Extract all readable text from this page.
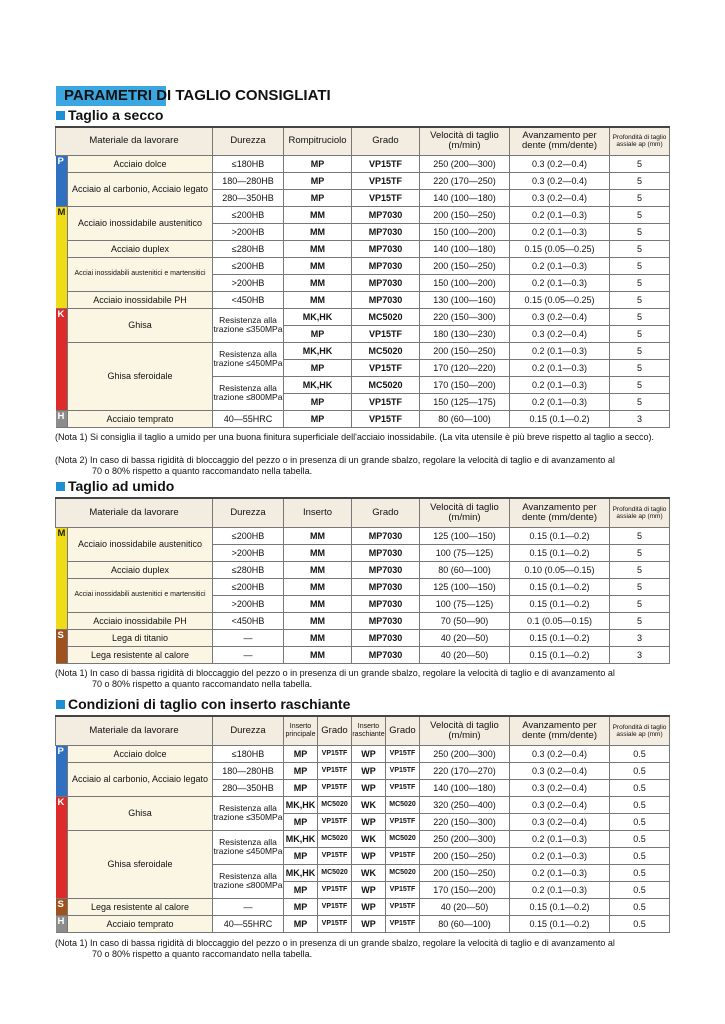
PARAMETRI DI TAGLIO CONSIGLIATI
Taglio a secco
Materiale da lavorare		Durezza	Rompitruciolo	Grado	Velocità di taglio (m/min)	Avanzamento per dente (mm/dente)	Profondità di taglio assiale ap (mm)

P	Acciaio dolce	≤180HB	MP	VP15TF	250 (200—300)	0.3 (0.2—0.4)	5
	Acciaio al carbonio, Acciaio legato	180—280HB	MP	VP15TF	220 (170—250)	0.3 (0.2—0.4)	5
		280—350HB	MP	VP15TF	140 (100—180)	0.3 (0.2—0.4)	5

M	Acciaio inossidabile austenitico	≤200HB	MM	MP7030	200 (150—250)	0.2 (0.1—0.3)	5
		>200HB	MM	MP7030	150 (100—200)	0.2 (0.1—0.3)	5
	Acciaio duplex	≤280HB	MM	MP7030	140 (100—180)	0.15 (0.05—0.25)	5
	Acciai inossidabili austenitici e martensitici	≤200HB	MM	MP7030	200 (150—250)	0.2 (0.1—0.3)	5
		>200HB	MM	MP7030	150 (100—200)	0.2 (0.1—0.3)	5
	Acciaio inossidabile PH	<450HB	MM	MP7030	130 (100—160)	0.15 (0.05—0.25)	5

K	Ghisa	Resistenza alla trazione ≤350MPa	MK,HK	MC5020	220 (150—300)	0.3 (0.2—0.4)	5
			MP	VP15TF	180 (130—230)	0.3 (0.2—0.4)	5
	Ghisa sferoidale	Resistenza alla trazione ≤450MPa	MK,HK	MC5020	200 (150—250)	0.2 (0.1—0.3)	5
			MP	VP15TF	170 (120—220)	0.2 (0.1—0.3)	5
		Resistenza alla trazione ≤800MPa	MK,HK	MC5020	170 (150—200)	0.2 (0.1—0.3)	5
			MP	VP15TF	150 (125—175)	0.2 (0.1—0.3)	5

H	Acciaio temprato	40—55HRC	MP	VP15TF	80 (60—100)	0.15 (0.1—0.2)	3
(Nota 1) Si consiglia il taglio a umido per una buona finitura superficiale dell'acciaio inossidabile. (La vita utensile è più breve rispetto al taglio a secco).
(Nota 2) In caso di bassa rigidità di bloccaggio del pezzo o in presenza di un grande sbalzo, regolare la velocità di taglio e di avanzamento al
70 o 80% rispetto a quanto raccomandato nella tabella.
Taglio ad umido
Materiale da lavorare		Durezza	Inserto	Grado	Velocità di taglio (m/min)	Avanzamento per dente (mm/dente)	Profondità di taglio assiale ap (mm)

M	Acciaio inossidabile austenitico	≤200HB	MM	MP7030	125 (100—150)	0.15 (0.1—0.2)	5
		>200HB	MM	MP7030	100 (75—125)	0.15 (0.1—0.2)	5
	Acciaio duplex	≤280HB	MM	MP7030	80 (60—100)	0.10 (0.05—0.15)	5
	Acciai inossidabili austenitici e martensitici	≤200HB	MM	MP7030	125 (100—150)	0.15 (0.1—0.2)	5
		>200HB	MM	MP7030	100 (75—125)	0.15 (0.1—0.2)	5
	Acciaio inossidabile PH	<450HB	MM	MP7030	70 (50—90)	0.1 (0.05—0.15)	5

S	Lega di titanio	—	MM	MP7030	40 (20—50)	0.15 (0.1—0.2)	3
	Lega resistente al calore	—	MM	MP7030	40 (20—50)	0.15 (0.1—0.2)	3
(Nota 1) In caso di bassa rigidità di bloccaggio del pezzo o in presenza di un grande sbalzo, regolare la velocità di taglio e di avanzamento al
70 o 80% rispetto a quanto raccomandato nella tabella.
Condizioni di taglio con inserto raschiante
Materiale da lavorare		Durezza	Inserto principale	Grado	Inserto raschiante	Grado	Velocità di taglio (m/min)	Avanzamento per dente (mm/dente)	Profondità di taglio assiale ap (mm)

P	Acciaio dolce	≤180HB	MP	VP15TF	WP	VP15TF	250 (200—300)	0.3 (0.2—0.4)	0.5
	Acciaio al carbonio, Acciaio legato	180—280HB	MP	VP15TF	WP	VP15TF	220 (170—270)	0.3 (0.2—0.4)	0.5
		280—350HB	MP	VP15TF	WP	VP15TF	140 (100—180)	0.3 (0.2—0.4)	0.5

K	Ghisa	Resistenza alla trazione ≤350MPa	MK,HK	MC5020	WK	MC5020	320 (250—400)	0.3 (0.2—0.4)	0.5
			MP	VP15TF	WP	VP15TF	220 (150—300)	0.3 (0.2—0.4)	0.5
	Ghisa sferoidale	Resistenza alla trazione ≤450MPa	MK,HK	MC5020	WK	MC5020	250 (200—300)	0.2 (0.1—0.3)	0.5
			MP	VP15TF	WP	VP15TF	200 (150—250)	0.2 (0.1—0.3)	0.5
		Resistenza alla trazione ≤800MPa	MK,HK	MC5020	WK	MC5020	200 (150—250)	0.2 (0.1—0.3)	0.5
			MP	VP15TF	WP	VP15TF	170 (150—200)	0.2 (0.1—0.3)	0.5

S	Lega resistente al calore	—	MP	VP15TF	WP	VP15TF	40 (20—50)	0.15 (0.1—0.2)	0.5

H	Acciaio temprato	40—55HRC	MP	VP15TF	WP	VP15TF	80 (60—100)	0.15 (0.1—0.2)	0.5
(Nota 1) In caso di bassa rigidità di bloccaggio del pezzo o in presenza di un grande sbalzo, regolare la velocità di taglio e di avanzamento al
70 o 80% rispetto a quanto raccomandato nella tabella.
